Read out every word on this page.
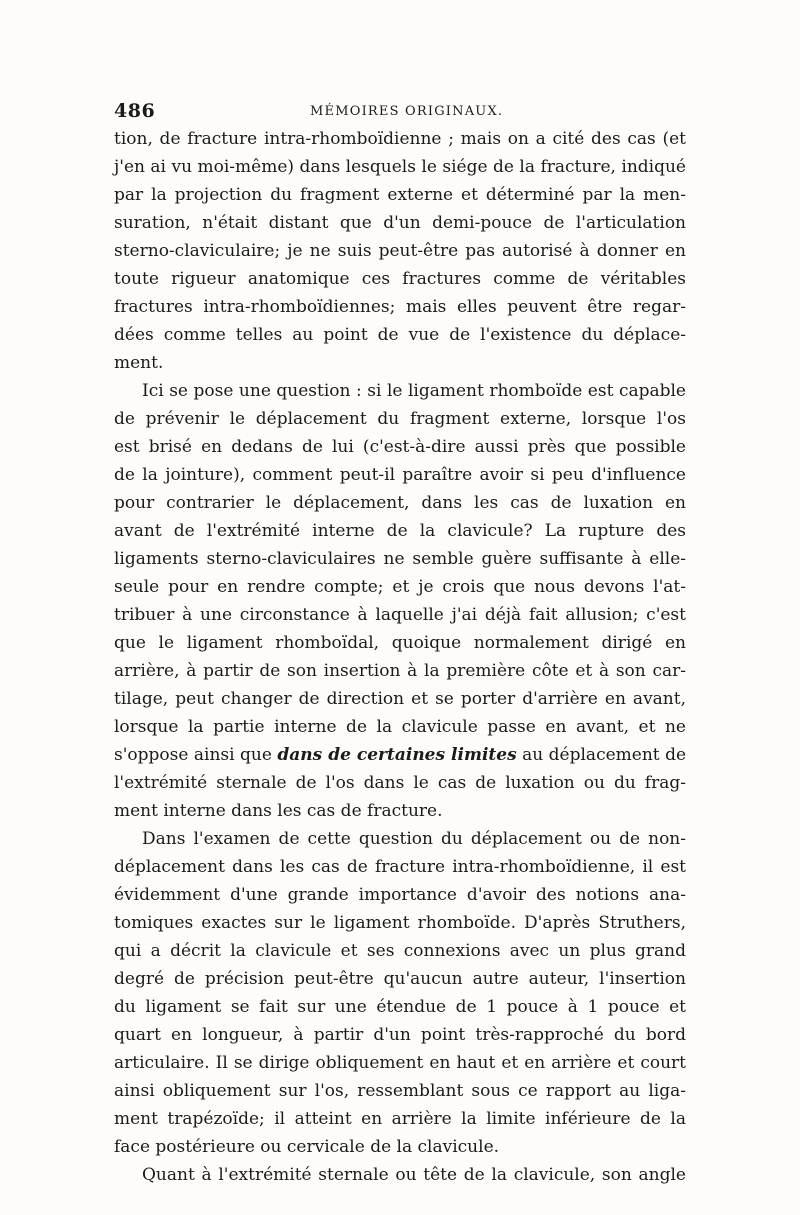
486	MÉMOIRES ORIGINAUX.
tion, de fracture intra-rhomboïdienne ; mais on a cité des cas (et
j'en ai vu moi-même) dans lesquels le siége de la fracture, indiqué
par la projection du fragment externe et déterminé par la men-
suration, n'était distant que d'un demi-pouce de l'articulation
sterno-claviculaire; je ne suis peut-être pas autorisé à donner en
toute rigueur anatomique ces fractures comme de véritables
fractures intra-rhomboïdiennes; mais elles peuvent être regar-
dées comme telles au point de vue de l'existence du déplace-
ment.
Ici se pose une question : si le ligament rhomboïde est capable
de prévenir le déplacement du fragment externe, lorsque l'os
est brisé en dedans de lui (c'est-à-dire aussi près que possible
de la jointure), comment peut-il paraître avoir si peu d'influence
pour contrarier le déplacement, dans les cas de luxation en
avant de l'extrémité interne de la clavicule? La rupture des
ligaments sterno-claviculaires ne semble guère suffisante à elle-
seule pour en rendre compte; et je crois que nous devons l'at-
tribuer à une circonstance à laquelle j'ai déjà fait allusion; c'est
que le ligament rhomboïdal, quoique normalement dirigé en
arrière, à partir de son insertion à la première côte et à son car-
tilage, peut changer de direction et se porter d'arrière en avant,
lorsque la partie interne de la clavicule passe en avant, et ne
s'oppose ainsi que dans de certaines limites au déplacement de
l'extrémité sternale de l'os dans le cas de luxation ou du frag-
ment interne dans les cas de fracture.
Dans l'examen de cette question du déplacement ou de non-
déplacement dans les cas de fracture intra-rhomboïdienne, il est
évidemment d'une grande importance d'avoir des notions ana-
tomiques exactes sur le ligament rhomboïde. D'après Struthers,
qui a décrit la clavicule et ses connexions avec un plus grand
degré de précision peut-être qu'aucun autre auteur, l'insertion
du ligament se fait sur une étendue de 1 pouce à 1 pouce et
quart en longueur, à partir d'un point très-rapproché du bord
articulaire. Il se dirige obliquement en haut et en arrière et court
ainsi obliquement sur l'os, ressemblant sous ce rapport au liga-
ment trapézoïde; il atteint en arrière la limite inférieure de la
face postérieure ou cervicale de la clavicule.
Quant à l'extrémité sternale ou tête de la clavicule, son angle
